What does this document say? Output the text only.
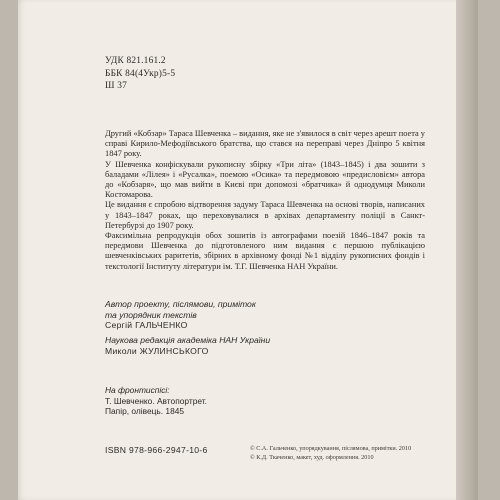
УДК 821.161.2
ББК 84(4Укр)5-5
Ш 37

Другий «Кобзар» Тараса Шевченка – видання, яке не з'явилося в світ через арешт поета у справі Кирило-Мефодіївського братства, що стався на переправі через Дніпро 5 квітня 1847 року.

У Шевченка конфіскували рукописну збірку «Три літа» (1843–1845) і два зошити з баладами «Лілея» і «Русалка», поемою «Осика» та передмовою «предисловієм» автора до «Кобзаря», що мав вийти в Києві при допомозі «братчика» й однодумця Миколи Костомарова.

Це видання є спробою відтворення задуму Тараса Шевченка на основі творів, написаних у 1843–1847 роках, що переховувалися в архівах департаменту поліції в Санкт-Петербурзі до 1907 року.

Факсимільна репродукція обох зошитів із автографами поезій 1846–1847 років та передмови Шевченка до підготовленого ним видання є першою публікацією шевченківських раритетів, збірних в архівному фонді №1 відділу рукописних фондів і текстології Інституту літератури ім. Т.Г. Шевченка НАН України.

Автор проекту, післямови, приміток
та упорядник текстів
Сергій ГАЛЬЧЕНКО
Наукова редакція академіка НАН України
Миколи ЖУЛИНСЬКОГО
На фронтиспісі:
Т. Шевченко. Автопортрет.
Папір, олівець. 1845
ISBN 978-966-2947-10-6	© С.А. Гальченко, упорядкування, післямова, примітки. 2010
© К.Д. Ткаченко, макет, худ. оформлення. 2010
